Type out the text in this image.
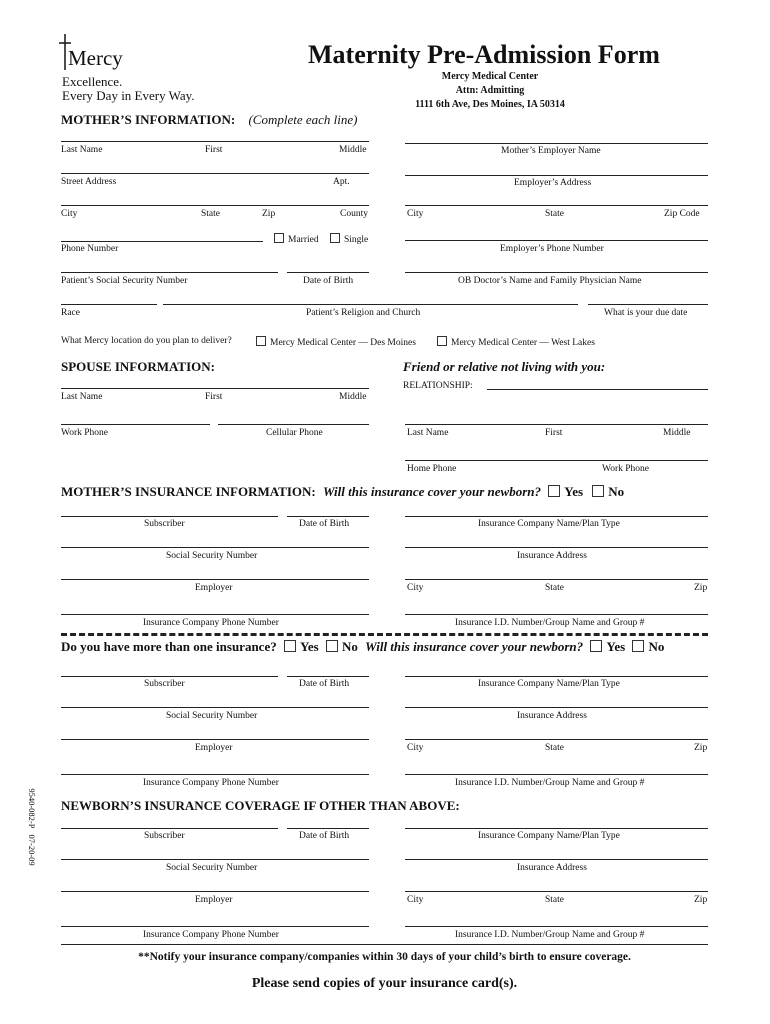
Mercy
Excellence.
Every Day in Every Way.
Maternity Pre-Admission Form
Mercy Medical Center
Attn: Admitting
1111 6th Ave, Des Moines, IA 50314
MOTHER’S INFORMATION: (Complete each line)
Last Name	First	Middle
Street Address	Apt.
City	State	Zip	County
Married	Single
Phone Number
Patient’s Social Security Number	Date of Birth
Race	Patient’s Religion and Church	What is your due date
What Mercy location do you plan to deliver?	Mercy Medical Center — Des Moines	Mercy Medical Center — West Lakes
Mother’s Employer Name
Employer’s Address
City	State	Zip Code
Employer’s Phone Number
OB Doctor’s Name and Family Physician Name
SPOUSE INFORMATION:
Last Name	First	Middle
Work Phone	Cellular Phone
Friend or relative not living with you:
RELATIONSHIP:
Last Name	First	Middle
Home Phone	Work Phone
MOTHER’S INSURANCE INFORMATION: Will this insurance cover your newborn? Yes No
Subscriber	Date of Birth
Social Security Number
Employer
Insurance Company Phone Number
Insurance Company Name/Plan Type
Insurance Address
City	State	Zip
Insurance I.D. Number/Group Name and Group #
Do you have more than one insurance? Yes No Will this insurance cover your newborn? Yes No
Subscriber	Date of Birth
Social Security Number
Employer
Insurance Company Phone Number
Insurance Company Name/Plan Type
Insurance Address
City	State	Zip
Insurance I.D. Number/Group Name and Group #
NEWBORN’S INSURANCE COVERAGE IF OTHER THAN ABOVE:
Subscriber	Date of Birth
Social Security Number
Employer
Insurance Company Phone Number
Insurance Company Name/Plan Type
Insurance Address
City	State	Zip
Insurance I.D. Number/Group Name and Group #
**Notify your insurance company/companies within 30 days of your child’s birth to ensure coverage.
Please send copies of your insurance card(s).
9540-082-P   07-20-09
